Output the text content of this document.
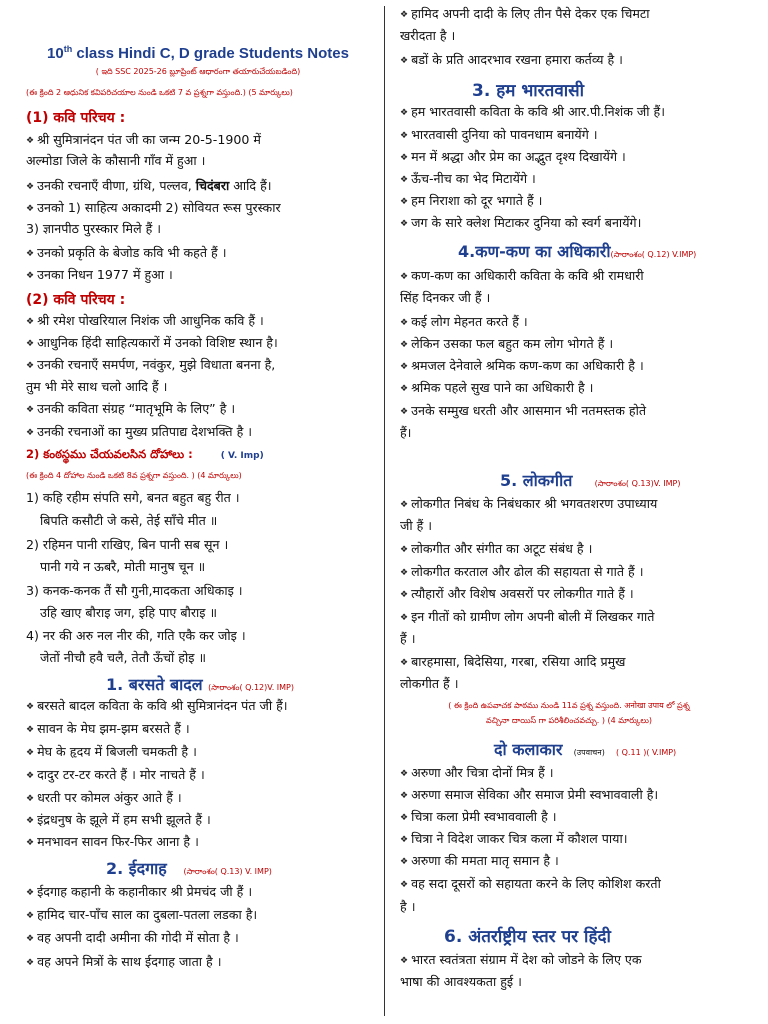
10th class Hindi C, D grade Students Notes
( ఇది SSC 2025-26 బ్లూప్రింట్ ఆధారంగా తయారుచేయబడింది)
(ఈ క్రింది 2 ఆధునిక కవిపరిచయాల నుండి ఒకటి 7 వ ప్రశ్నగా వస్తుంది.) (5 మార్కులు)
(1) कवि परिचय :
❖ श्री सुमित्रानंदन पंत जी का जन्म 20-5-1900 में
अल्मोडा जिले के कौसानी गाँव में हुआ ।
❖ उनकी रचनाएँ वीणा, ग्रंथि, पल्लव, चिदंबरा आदि हैं।
❖ उनको 1) साहित्य अकादमी 2) सोवियत रूस पुरस्कार
3) ज्ञानपीठ पुरस्कार मिले हैं ।
❖ उनको प्रकृति के बेजोड कवि भी कहते हैं ।
❖ उनका निधन 1977 में हुआ ।
(2) कवि परिचय :
❖ श्री रमेश पोखरियाल निशंक जी आधुनिक कवि हैं ।
❖ आधुनिक हिंदी साहित्यकारों में उनको विशिष्ट स्थान है।
❖ उनकी रचनाएँ समर्पण, नवंकुर, मुझे विधाता बनना है,
तुम भी मेरे साथ चलो आदि हैं ।
❖ उनकी कविता संग्रह “मातृभूमि के लिए” है ।
❖ उनकी रचनाओं का मुख्य प्रतिपाद्य देशभक्ति है ।
2) కంఠస్థము చేయవలసిన దోహాలు :	( V. Imp)
(ఈ క్రింది 4 దోహాల నుండి ఒకటి 8వ ప్రశ్నగా వస్తుంది. ) (4 మార్కులు)
1) कहि रहीम संपति सगे, बनत बहुत बहु रीत ।
बिपति कसौटी जे कसे, तेई साँचे मीत ॥
2) रहिमन पानी राखिए, बिन पानी सब सून ।
पानी गये न ऊबरै, मोती मानुष चून ॥
3) कनक-कनक तैं सौ गुनी,मादकता अधिकाइ ।
उहि खाए बौराइ जग, इहि पाए बौराइ ॥
4) नर की अरु नल नीर की, गति एकै कर जोइ ।
जेतों नीचौ हवै चलै, तेतौ ऊँचों होइ ॥
1. बरसते बादल (సారాంశం( Q.12)V. IMP)
❖ बरसते बादल कविता के कवि श्री सुमित्रानंदन पंत जी हैं।
❖ सावन के मेघ झम-झम बरसते हैं ।
❖ मेघ के हृदय में बिजली चमकती है ।
❖ दादुर टर-टर करते हैं । मोर नाचते हैं ।
❖ धरती पर कोमल अंकुर आते हैं ।
❖ इंद्रधनुष के झूले में हम सभी झूलते हैं ।
❖ मनभावन सावन फिर-फिर आना है ।
2. ईदगाह (సారాంశం( Q.13) V. IMP)
❖ ईदगाह कहानी के कहानीकार श्री प्रेमचंद जी हैं ।
❖ हामिद चार-पाँच साल का दुबला-पतला लडका है।
❖ वह अपनी दादी अमीना की गोदी में सोता है ।
❖ वह अपने मित्रों के साथ ईदगाह जाता है ।
❖ हामिद अपनी दादी के लिए तीन पैसे देकर एक चिमटा
खरीदता है ।
❖ बडों के प्रति आदरभाव रखना हमारा कर्तव्य है ।
3. हम भारतवासी
❖ हम भारतवासी कविता के कवि श्री आर.पी.निशंक जी हैं।
❖ भारतवासी दुनिया को पावनधाम बनायेंगे ।
❖ मन में श्रद्धा और प्रेम का अद्भुत दृश्य दिखायेंगे ।
❖ ऊँच-नीच का भेद मिटायेंगे ।
❖ हम निराशा को दूर भगाते हैं ।
❖ जग के सारे क्लेश मिटाकर दुनिया को स्वर्ग बनायेंगे।
4.कण-कण का अधिकारी(సారాంశం( Q.12) V.IMP)
❖ कण-कण का अधिकारी कविता के कवि श्री रामधारी
सिंह दिनकर जी हैं ।
❖ कई लोग मेहनत करते हैं ।
❖ लेकिन उसका फल बहुत कम लोग भोगते हैं ।
❖ श्रमजल देनेवाले श्रमिक कण-कण का अधिकारी है ।
❖ श्रमिक पहले सुख पाने का अधिकारी है ।
❖ उनके सम्मुख धरती और आसमान भी नतमस्तक होते
हैं।
5. लोकगीत	(సారాంశం( Q.13)V. IMP)
❖ लोकगीत निबंध के निबंधकार श्री भगवतशरण उपाध्याय
जी हैं ।
❖ लोकगीत और संगीत का अटूट संबंध है ।
❖ लोकगीत करताल और ढोल की सहायता से गाते हैं ।
❖ त्यौहारों और विशेष अवसरों पर लोकगीत गाते हैं ।
❖ इन गीतों को ग्रामीण लोग अपनी बोली में लिखकर गाते
हैं ।
❖ बारहमासा, बिदेसिया, गरबा, रसिया आदि प्रमुख
लोकगीत हैं ।
( ఈ క్రింది ఉపవాచక పాఠము నుండి 11వ ప్రశ్న వస్తుంది. अनोखा उपाय లో ప్రశ్న
వచ్చినా దాయిస్ గా పరిశీలించవచ్చు. ) (4 మార్కులు)
दो कलाकार (उपवाचन) ( Q.11 )( V.IMP)
❖ अरुणा और चित्रा दोनों मित्र हैं ।
❖ अरुणा समाज सेविका और समाज प्रेमी स्वभाववाली है।
❖ चित्रा कला प्रेमी स्वभाववाली है ।
❖ चित्रा ने विदेश जाकर चित्र कला में कौशल पाया।
❖ अरुणा की ममता मातृ समान है ।
❖ वह सदा दूसरों को सहायता करने के लिए कोशिश करती
है ।
6. अंतर्राष्ट्रीय स्तर पर हिंदी
❖ भारत स्वतंत्रता संग्राम में देश को जोडने के लिए एक
भाषा की आवश्यकता हुई ।
